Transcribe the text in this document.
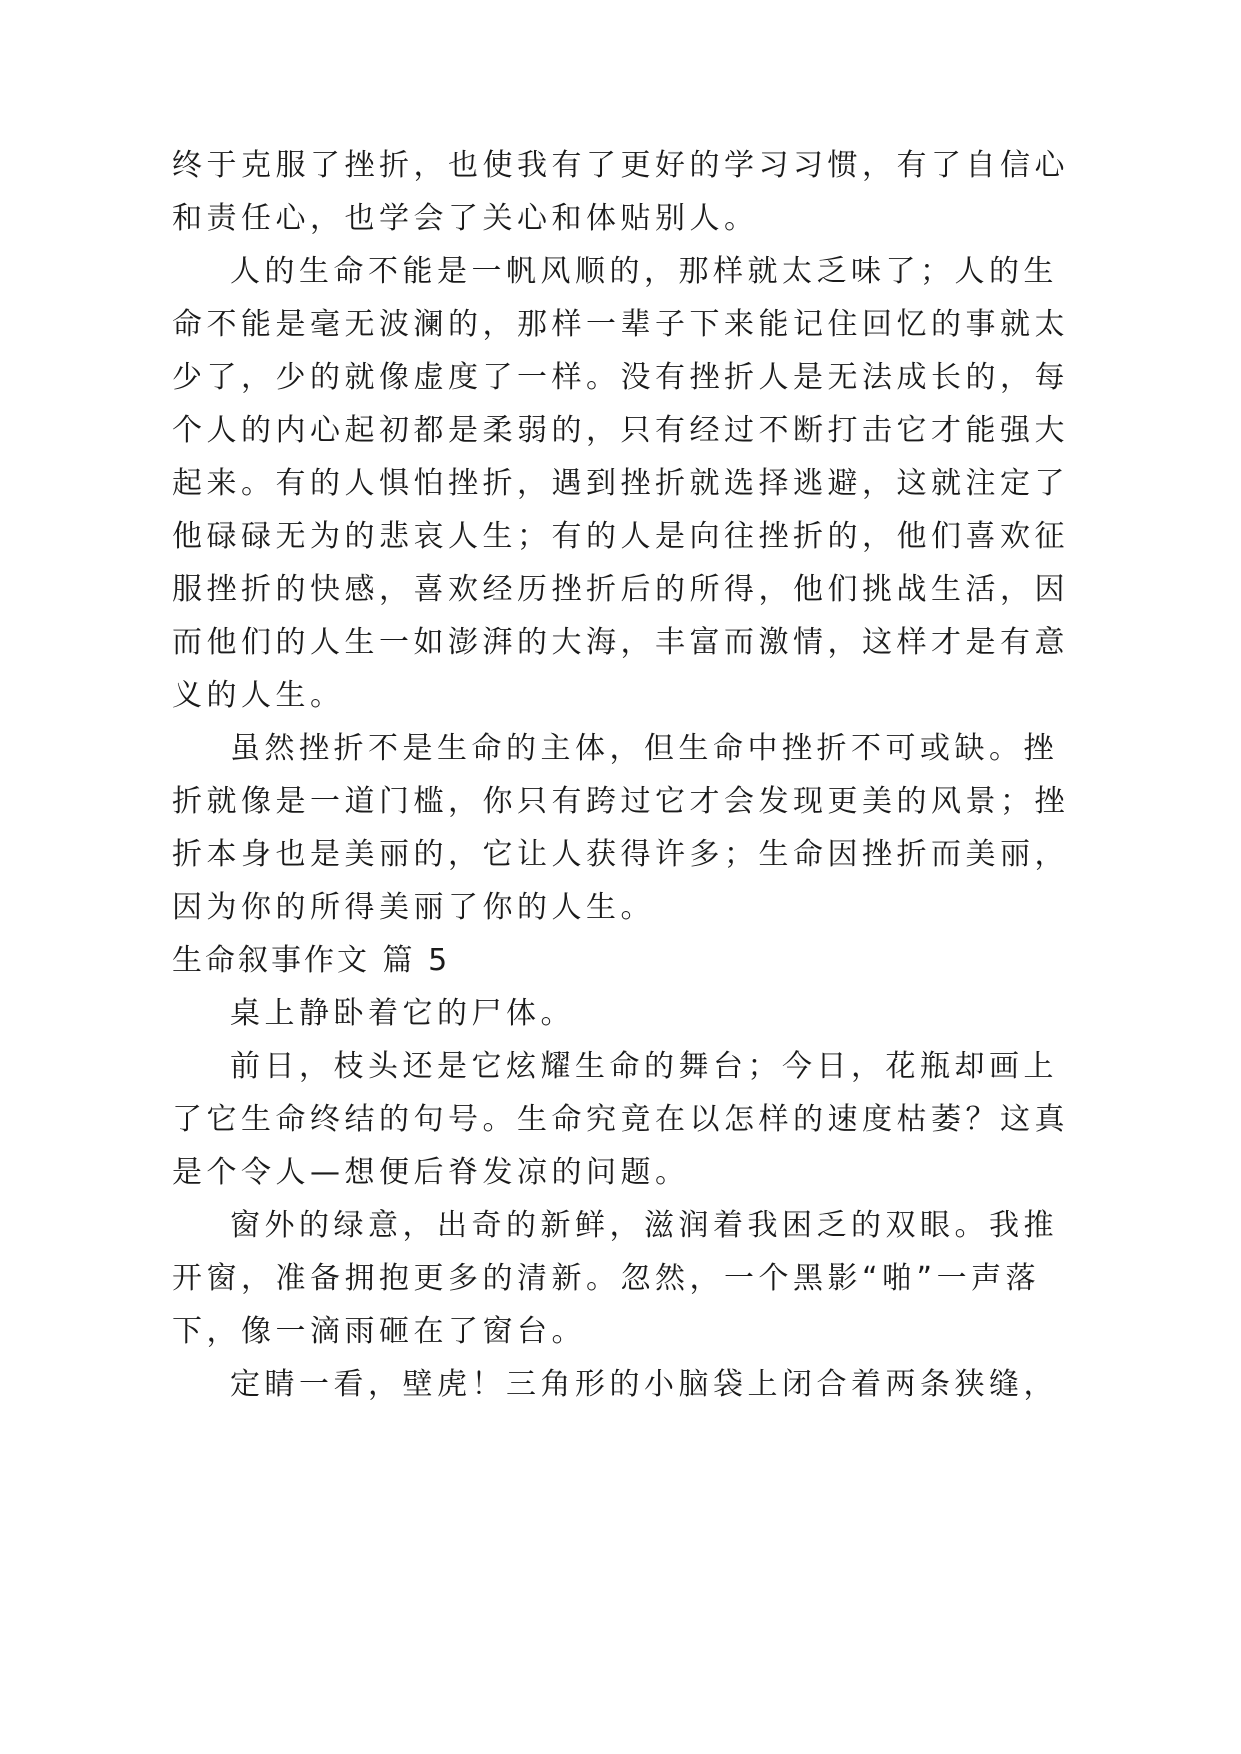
终于克服了挫折，也使我有了更好的学习习惯，有了自信心
和责任心，也学会了关心和体贴别人。
人的生命不能是一帆风顺的，那样就太乏味了；人的生
命不能是毫无波澜的，那样一辈子下来能记住回忆的事就太
少了，少的就像虚度了一样。没有挫折人是无法成长的，每
个人的内心起初都是柔弱的，只有经过不断打击它才能强大
起来。有的人惧怕挫折，遇到挫折就选择逃避，这就注定了
他碌碌无为的悲哀人生；有的人是向往挫折的，他们喜欢征
服挫折的快感，喜欢经历挫折后的所得，他们挑战生活，因
而他们的人生一如澎湃的大海，丰富而激情，这样才是有意
义的人生。
虽然挫折不是生命的主体，但生命中挫折不可或缺。挫
折就像是一道门槛，你只有跨过它才会发现更美的风景；挫
折本身也是美丽的，它让人获得许多；生命因挫折而美丽，
因为你的所得美丽了你的人生。
生命叙事作文 篇 5
桌上静卧着它的尸体。
前日，枝头还是它炫耀生命的舞台；今日，花瓶却画上
了它生命终结的句号。生命究竟在以怎样的速度枯萎？这真
是个令人—想便后脊发凉的问题。
窗外的绿意，出奇的新鲜，滋润着我困乏的双眼。我推
开窗，准备拥抱更多的清新。忽然，一个黑影“啪”一声落
下，像一滴雨砸在了窗台。
定睛一看，壁虎！三角形的小脑袋上闭合着两条狭缝，
